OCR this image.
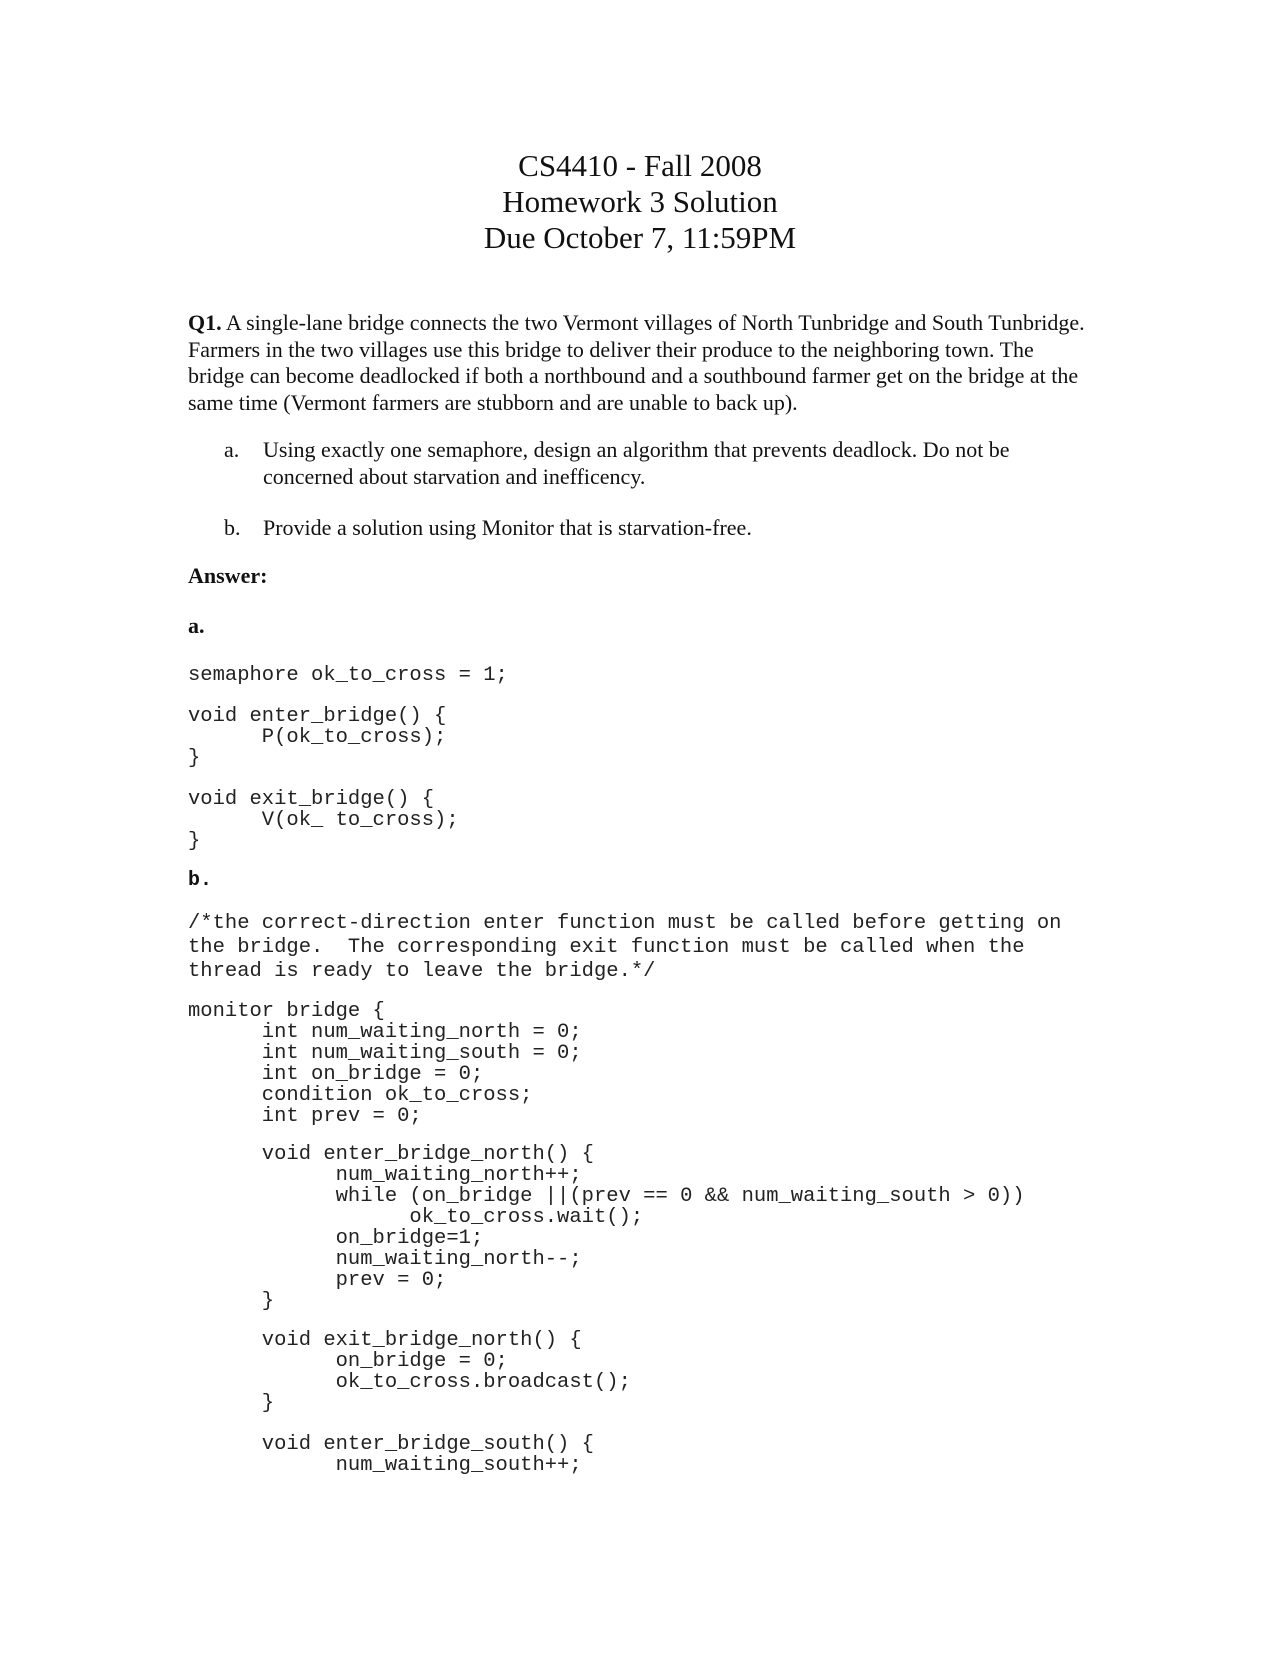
CS4410 - Fall 2008
Homework 3 Solution
Due October 7, 11:59PM
Q1. A single-lane bridge connects the two Vermont villages of North Tunbridge and South Tunbridge. Farmers in the two villages use this bridge to deliver their produce to the neighboring town. The bridge can become deadlocked if both a northbound and a southbound farmer get on the bridge at the same time (Vermont farmers are stubborn and are unable to back up).
a. Using exactly one semaphore, design an algorithm that prevents deadlock. Do not be concerned about starvation and inefficency.
b. Provide a solution using Monitor that is starvation-free.
Answer:
a.
semaphore ok_to_cross = 1;
void enter_bridge() {
P(ok_to_cross);
}
void exit_bridge() {
V(ok_ to_cross);
}
b.
/*the correct-direction enter function must be called before getting on
the bridge.  The corresponding exit function must be called when the
thread is ready to leave the bridge.*/
monitor bridge {
int num_waiting_north = 0;
int num_waiting_south = 0;
int on_bridge = 0;
condition ok_to_cross;
int prev = 0;
void enter_bridge_north() {
num_waiting_north++;
while (on_bridge ||(prev == 0 && num_waiting_south > 0))
ok_to_cross.wait();
on_bridge=1;
num_waiting_north--;
prev = 0;
}
void exit_bridge_north() {
on_bridge = 0;
ok_to_cross.broadcast();
}
void enter_bridge_south() {
num_waiting_south++;
